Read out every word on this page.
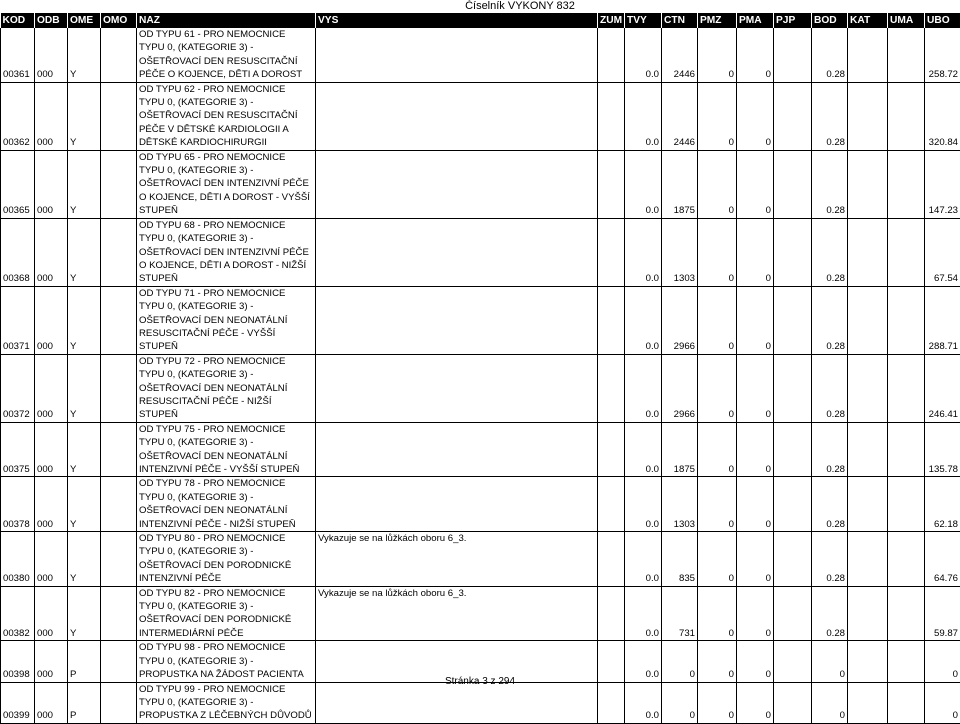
Číselník VYKONY 832
KOD	ODB	OME	OMO	NAZ	VYS	ZUM	TVY	CTN	PMZ	PMA	PJP	BOD	KAT	UMA	UBO
00361	000	Y		OD TYPU 61 - PRO NEMOCNICE TYPU 0, (KATEGORIE 3) - OŠETŘOVACÍ DEN RESUSCITAČNÍ PÉČE O KOJENCE, DĚTI A DOROST			0.0	2446	0	0		0.28			258.72
00362	000	Y		OD TYPU 62 - PRO NEMOCNICE TYPU 0, (KATEGORIE 3) - OŠETŘOVACÍ DEN RESUSCITAČNÍ PÉČE V DĚTSKÉ KARDIOLOGII A DĚTSKÉ KARDIOCHIRURGII			0.0	2446	0	0		0.28			320.84
00365	000	Y		OD TYPU 65 - PRO NEMOCNICE TYPU 0, (KATEGORIE 3) - OŠETŘOVACÍ DEN INTENZIVNÍ PÉČE O KOJENCE, DĚTI A DOROST - VYŠŠÍ STUPEŇ			0.0	1875	0	0		0.28			147.23
00368	000	Y		OD TYPU 68 - PRO NEMOCNICE TYPU 0, (KATEGORIE 3) - OŠETŘOVACÍ DEN INTENZIVNÍ PÉČE O KOJENCE, DĚTI A DOROST - NIŽŠÍ STUPEŇ			0.0	1303	0	0		0.28			67.54
00371	000	Y		OD TYPU 71 - PRO NEMOCNICE TYPU 0, (KATEGORIE 3) - OŠETŘOVACÍ DEN NEONATÁLNÍ RESUSCITAČNÍ PÉČE - VYŠŠÍ STUPEŇ			0.0	2966	0	0		0.28			288.71
00372	000	Y		OD TYPU 72 - PRO NEMOCNICE TYPU 0, (KATEGORIE 3) - OŠETŘOVACÍ DEN NEONATÁLNÍ RESUSCITAČNÍ PÉČE - NIŽŠÍ STUPEŇ			0.0	2966	0	0		0.28			246.41
00375	000	Y		OD TYPU 75 - PRO NEMOCNICE TYPU 0, (KATEGORIE 3) - OŠETŘOVACÍ DEN NEONATÁLNÍ INTENZIVNÍ PÉČE - VYŠŠÍ STUPEŇ			0.0	1875	0	0		0.28			135.78
00378	000	Y		OD TYPU 78 - PRO NEMOCNICE TYPU 0, (KATEGORIE 3) - OŠETŘOVACÍ DEN NEONATÁLNÍ INTENZIVNÍ PÉČE - NIŽŠÍ STUPEŇ			0.0	1303	0	0		0.28			62.18
00380	000	Y		OD TYPU 80 - PRO NEMOCNICE TYPU 0, (KATEGORIE 3) - OŠETŘOVACÍ DEN PORODNICKÉ INTENZIVNÍ PÉČE	Vykazuje se na lůžkách oboru 6_3.		0.0	835	0	0		0.28			64.76
00382	000	Y		OD TYPU 82 - PRO NEMOCNICE TYPU 0, (KATEGORIE 3) - OŠETŘOVACÍ DEN PORODNICKÉ INTERMEDIÁRNÍ PÉČE	Vykazuje se na lůžkách oboru 6_3.		0.0	731	0	0		0.28			59.87
00398	000	P		OD TYPU 98 - PRO NEMOCNICE TYPU 0, (KATEGORIE 3) - PROPUSTKA NA ŽÁDOST PACIENTA			0.0	0	0	0		0			0
00399	000	P		OD TYPU 99 - PRO NEMOCNICE TYPU 0, (KATEGORIE 3) - PROPUSTKA Z LÉČEBNÝCH DŮVODŮ			0.0	0	0	0		0			0
Stránka 3 z 294
